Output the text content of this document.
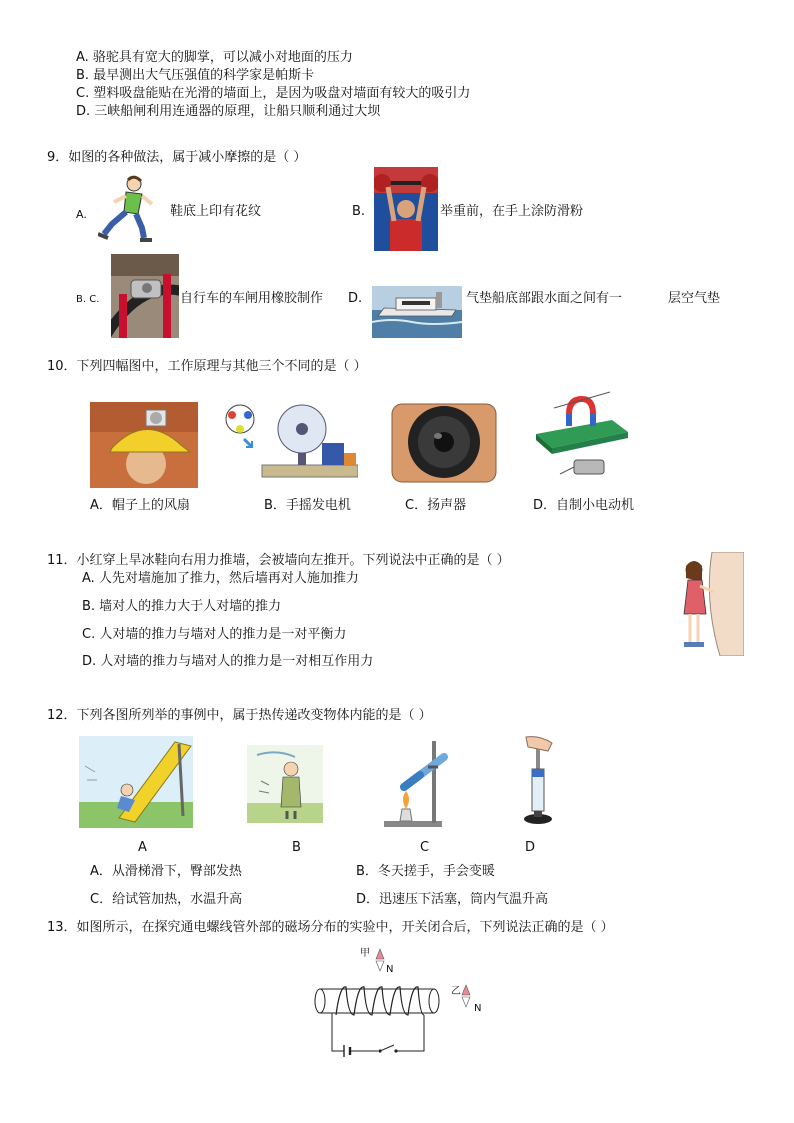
A. 骆驼具有宽大的脚掌，可以减小对地面的压力
B. 最早测出大气压强值的科学家是帕斯卡
C. 塑料吸盘能贴在光滑的墙面上，是因为吸盘对墙面有较大的吸引力
D. 三峡船闸利用连通器的原理，让船只顺利通过大坝
9．如图的各种做法，属于减小摩擦的是（ ）
A.	鞋底上印有花纹	B.	举重前，在手上涂防滑粉
B. C.	自行车的车闸用橡胶制作 D.	气垫船底部跟水面之间有一	层空气垫
10．下列四幅图中，工作原理与其他三个不同的是（ ）
A．帽子上的风扇	B．手摇发电机	C．扬声器	D．自制小电动机
11．小红穿上旱冰鞋向右用力推墙，会被墙向左推开。下列说法中正确的是（ ）
A. 人先对墙施加了推力，然后墙再对人施加推力
B. 墙对人的推力大于人对墙的推力
C. 人对墙的推力与墙对人的推力是一对平衡力
D. 人对墙的推力与墙对人的推力是一对相互作用力
12．下列各图所列举的事例中，属于热传递改变物体内能的是（ ）
A	B	C	D
A．从滑梯滑下，臀部发热	B．冬天搓手，手会变暖
C．给试管加热，水温升高	D．迅速压下活塞，筒内气温升高
13．如图所示，在探究通电螺线管外部的磁场分布的实验中，开关闭合后，下列说法正确的是（ ）
甲
N
乙
N
